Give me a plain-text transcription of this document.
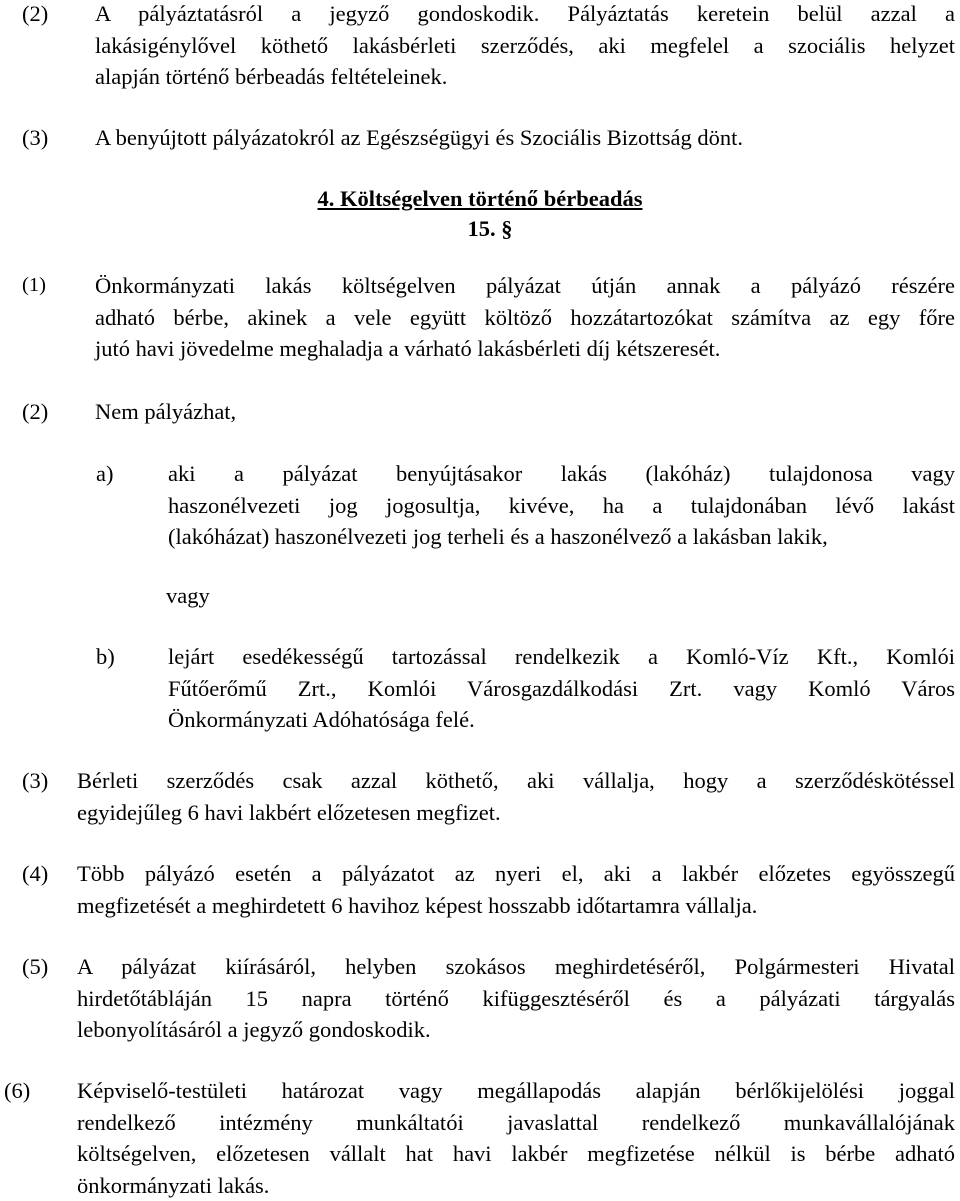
(2) A pályáztatásról a jegyző gondoskodik. Pályáztatás keretein belül azzal a
lakásigénylővel köthető lakásbérleti szerződés, aki megfelel a szociális helyzet
alapján történő bérbeadás feltételeinek.
(3) A benyújtott pályázatokról az Egészségügyi és Szociális Bizottság dönt.
4. Költségelven történő bérbeadás
15. §
(1) Önkormányzati lakás költségelven pályázat útján annak a pályázó részére
adható bérbe, akinek a vele együtt költöző hozzátartozókat számítva az egy főre
jutó havi jövedelme meghaladja a várható lakásbérleti díj kétszeresét.
(2) Nem pályázhat,
a) aki a pályázat benyújtásakor lakás (lakóház) tulajdonosa vagy
haszonélvezeti jog jogosultja, kivéve, ha a tulajdonában lévő lakást
(lakóházat) haszonélvezeti jog terheli és a haszonélvező a lakásban lakik,
vagy
b) lejárt esedékességű tartozással rendelkezik a Komló-Víz Kft., Komlói
Fűtőerőmű Zrt., Komlói Városgazdálkodási Zrt. vagy Komló Város
Önkormányzati Adóhatósága felé.
(3) Bérleti szerződés csak azzal köthető, aki vállalja, hogy a szerződéskötéssel
egyidejűleg 6 havi lakbért előzetesen megfizet.
(4) Több pályázó esetén a pályázatot az nyeri el, aki a lakbér előzetes egyösszegű
megfizetését a meghirdetett 6 havihoz képest hosszabb időtartamra vállalja.
(5) A pályázat kiírásáról, helyben szokásos meghirdetéséről, Polgármesteri Hivatal
hirdetőtábláján 15 napra történő kifüggesztéséről és a pályázati tárgyalás
lebonyolításáról a jegyző gondoskodik.
(6) Képviselő-testületi határozat vagy megállapodás alapján bérlőkijelölési joggal
rendelkező intézmény munkáltatói javaslattal rendelkező munkavállalójának
költségelven, előzetesen vállalt hat havi lakbér megfizetése nélkül is bérbe adható
önkormányzati lakás.
